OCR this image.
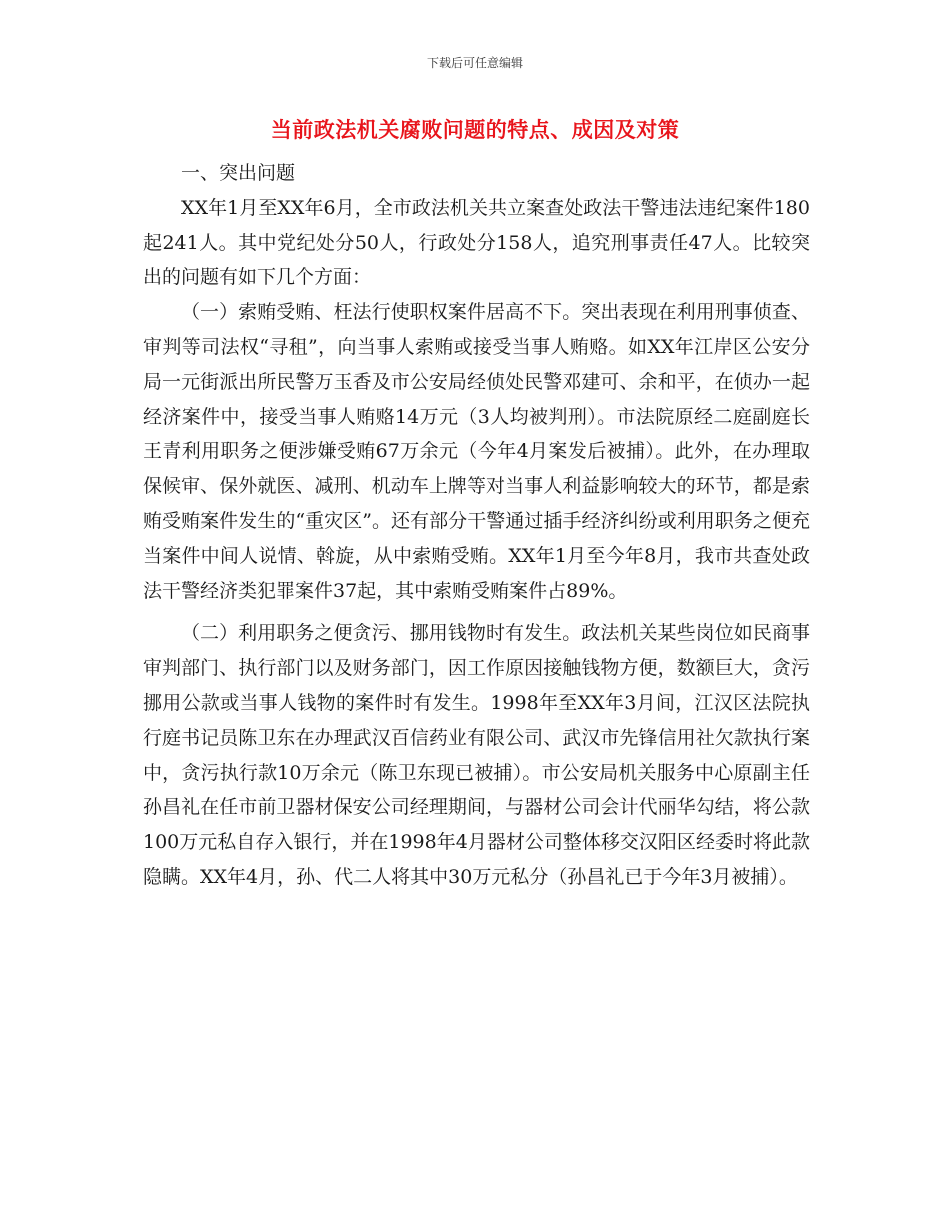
下载后可任意编辑
当前政法机关腐败问题的特点、成因及对策

一、突出问题

XX年1月至XX年6月，全市政法机关共立案查处政法干警违法违纪案件180起241人。其中党纪处分50人，行政处分158人，追究刑事责任47人。比较突出的问题有如下几个方面：

（一）索贿受贿、枉法行使职权案件居高不下。突出表现在利用刑事侦查、审判等司法权“寻租”，向当事人索贿或接受当事人贿赂。如XX年江岸区公安分局一元街派出所民警万玉香及市公安局经侦处民警邓建可、余和平，在侦办一起经济案件中，接受当事人贿赂14万元（3人均被判刑）。市法院原经二庭副庭长王青利用职务之便涉嫌受贿67万余元（今年4月案发后被捕）。此外，在办理取保候审、保外就医、减刑、机动车上牌等对当事人利益影响较大的环节，都是索贿受贿案件发生的“重灾区”。还有部分干警通过插手经济纠纷或利用职务之便充当案件中间人说情、斡旋，从中索贿受贿。XX年1月至今年8月，我市共查处政法干警经济类犯罪案件37起，其中索贿受贿案件占89%。

（二）利用职务之便贪污、挪用钱物时有发生。政法机关某些岗位如民商事审判部门、执行部门以及财务部门，因工作原因接触钱物方便，数额巨大，贪污挪用公款或当事人钱物的案件时有发生。1998年至XX年3月间，江汉区法院执行庭书记员陈卫东在办理武汉百信药业有限公司、武汉市先锋信用社欠款执行案中，贪污执行款10万余元（陈卫东现已被捕）。市公安局机关服务中心原副主任孙昌礼在任市前卫器材保安公司经理期间，与器材公司会计代丽华勾结，将公款100万元私自存入银行，并在1998年4月器材公司整体移交汉阳区经委时将此款隐瞒。XX年4月，孙、代二人将其中30万元私分（孙昌礼已于今年3月被捕）。
